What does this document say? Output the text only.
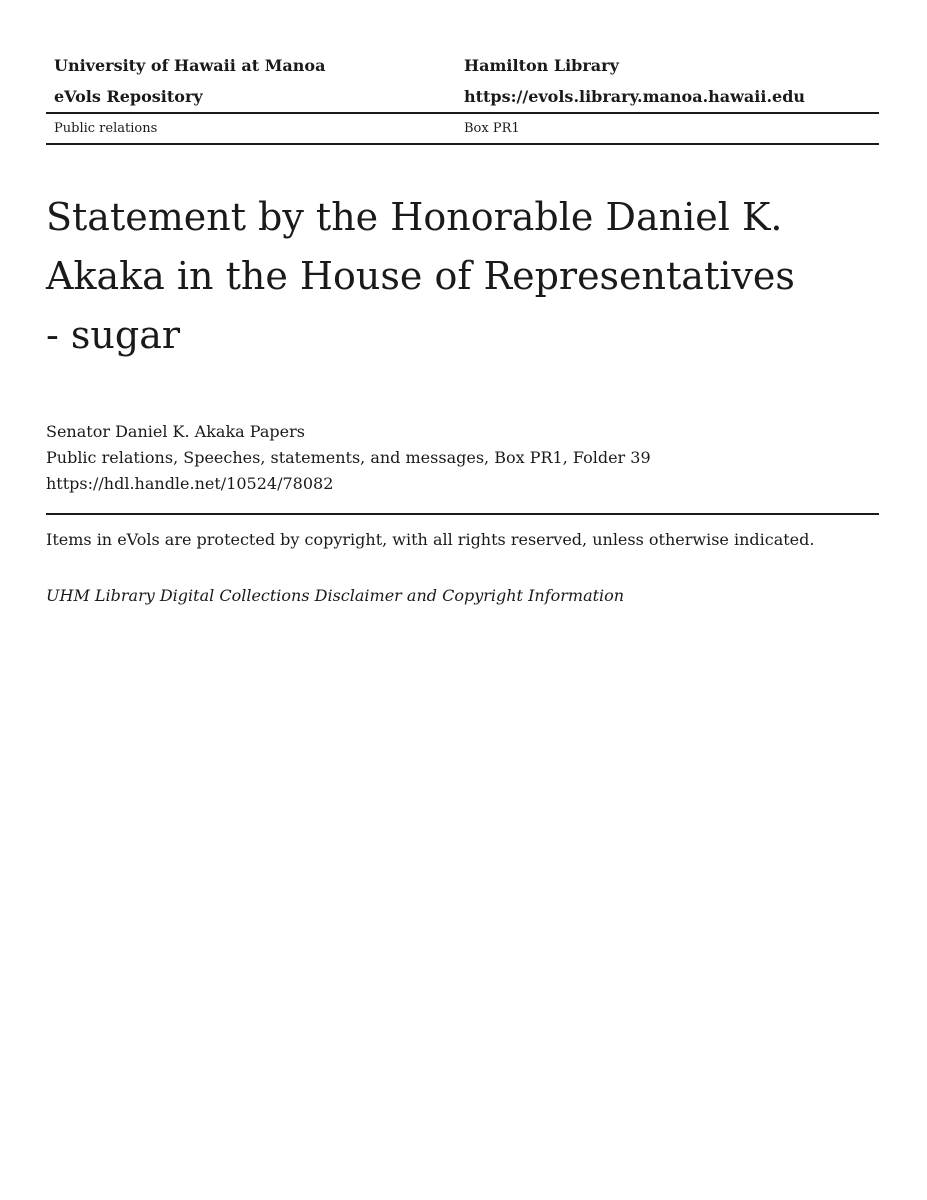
University of Hawaii at Manoa	Hamilton Library
eVols Repository	https://evols.library.manoa.hawaii.edu
Public relations	Box PR1
Statement by the Honorable Daniel K. Akaka in the House of Representatives - sugar
Senator Daniel K. Akaka Papers
Public relations, Speeches, statements, and messages, Box PR1, Folder 39
https://hdl.handle.net/10524/78082
Items in eVols are protected by copyright, with all rights reserved, unless otherwise indicated.
UHM Library Digital Collections Disclaimer and Copyright Information
